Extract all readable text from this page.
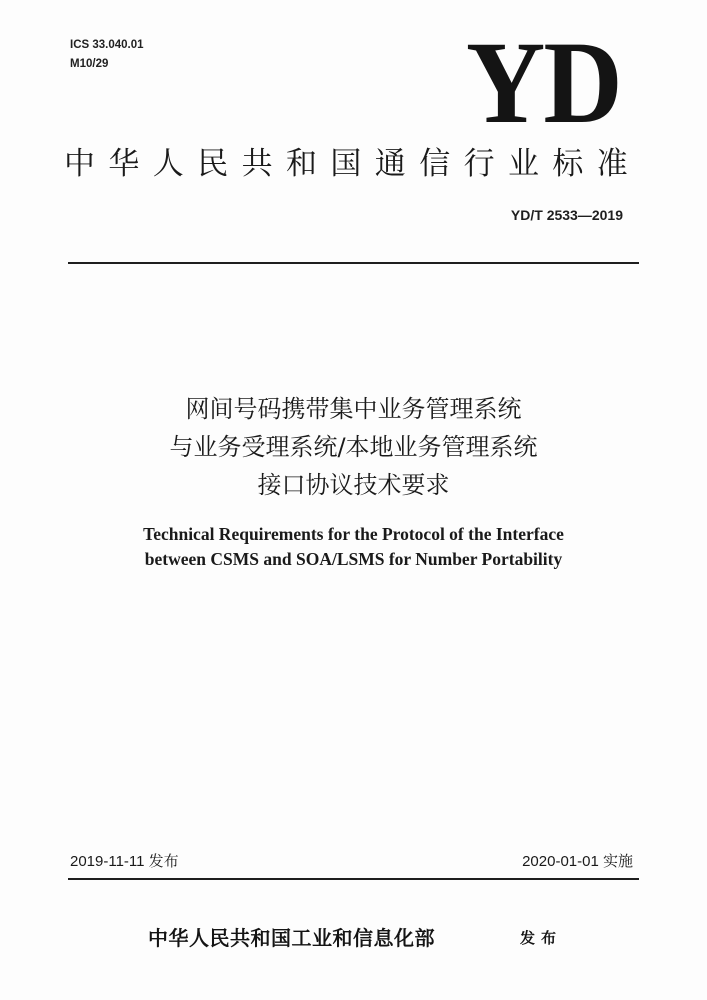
ICS 33.040.01
M10/29	YD
中华人民共和国通信行业标准
YD/T 2533—2019
网间号码携带集中业务管理系统
与业务受理系统/本地业务管理系统
接口协议技术要求
Technical Requirements for the Protocol of the Interface
between CSMS and SOA/LSMS for Number Portability
2019-11-11 发布	2020-01-01 实施
中华人民共和国工业和信息化部	发布
